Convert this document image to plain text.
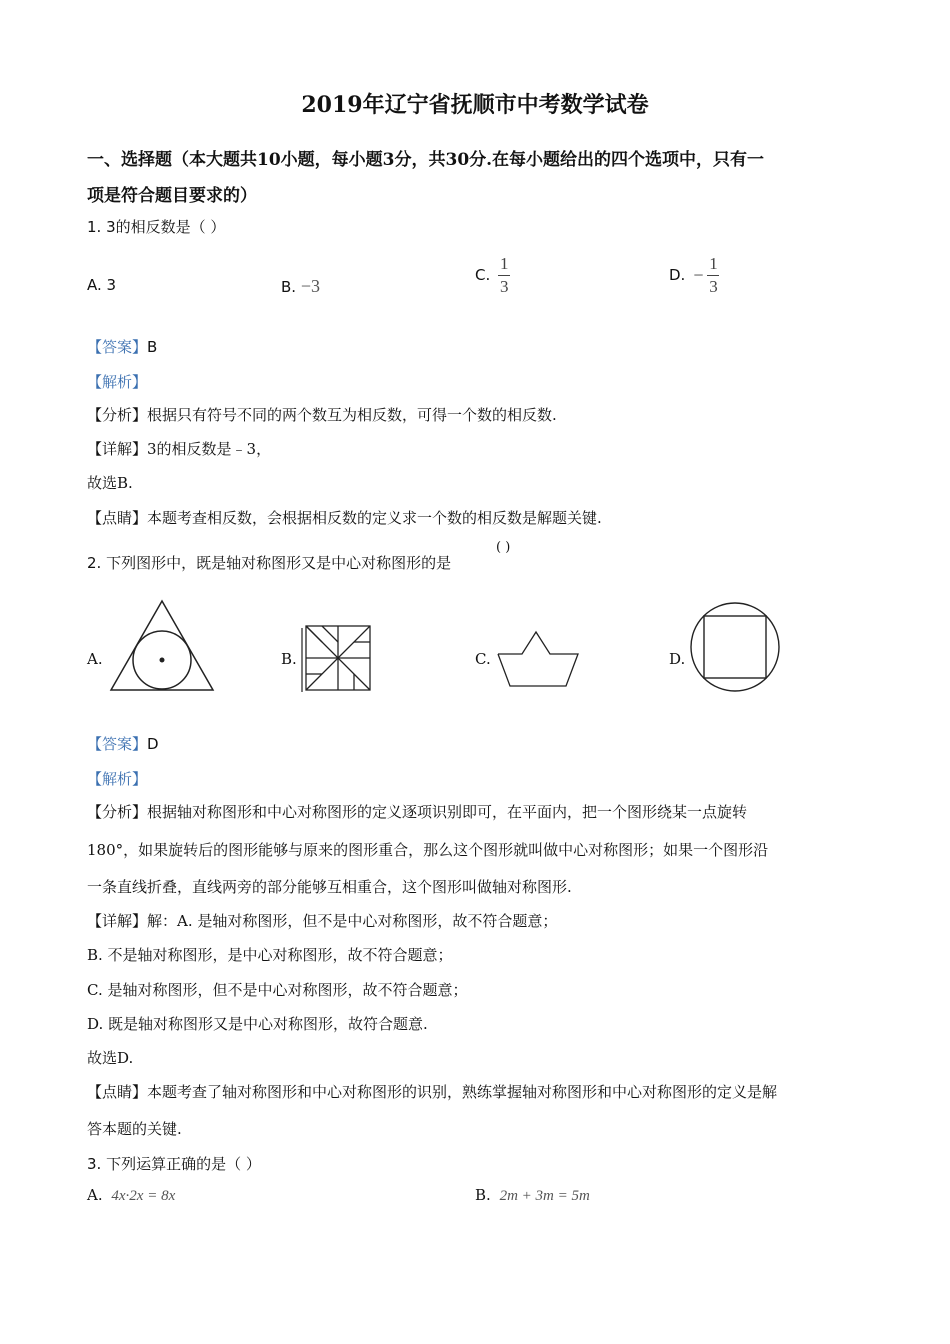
2019年辽宁省抚顺市中考数学试卷
一、选择题（本大题共10小题，每小题3分，共30分.在每小题给出的四个选项中，只有一
项是符合题目要求的）
1. 3的相反数是（ ）
A. 3	B. −3
C. $\frac{1}{3}$	D. − $\frac{1}{3}$
【答案】B
【解析】
【分析】根据只有符号不同的两个数互为相反数，可得一个数的相反数.
【详解】3的相反数是﹣3，
故选B.
【点睛】本题考查相反数，会根据相反数的定义求一个数的相反数是解题关键.
2. 下列图形中，既是轴对称图形又是中心对称图形的是
( )
A.	B.	C.	D.
【答案】D
【解析】
【分析】根据轴对称图形和中心对称图形的定义逐项识别即可，在平面内，把一个图形绕某一点旋转
180°，如果旋转后的图形能够与原来的图形重合，那么这个图形就叫做中心对称图形；如果一个图形沿
一条直线折叠，直线两旁的部分能够互相重合，这个图形叫做轴对称图形.
【详解】解：A. 是轴对称图形，但不是中心对称图形，故不符合题意；
B. 不是轴对称图形，是中心对称图形，故不符合题意；
C. 是轴对称图形，但不是中心对称图形，故不符合题意；
D. 既是轴对称图形又是中心对称图形，故符合题意.
故选D.
【点睛】本题考查了轴对称图形和中心对称图形的识别，熟练掌握轴对称图形和中心对称图形的定义是解
答本题的关键.
3. 下列运算正确的是（ ）
A. 4x·2x = 8x	B. 2m + 3m = 5m
